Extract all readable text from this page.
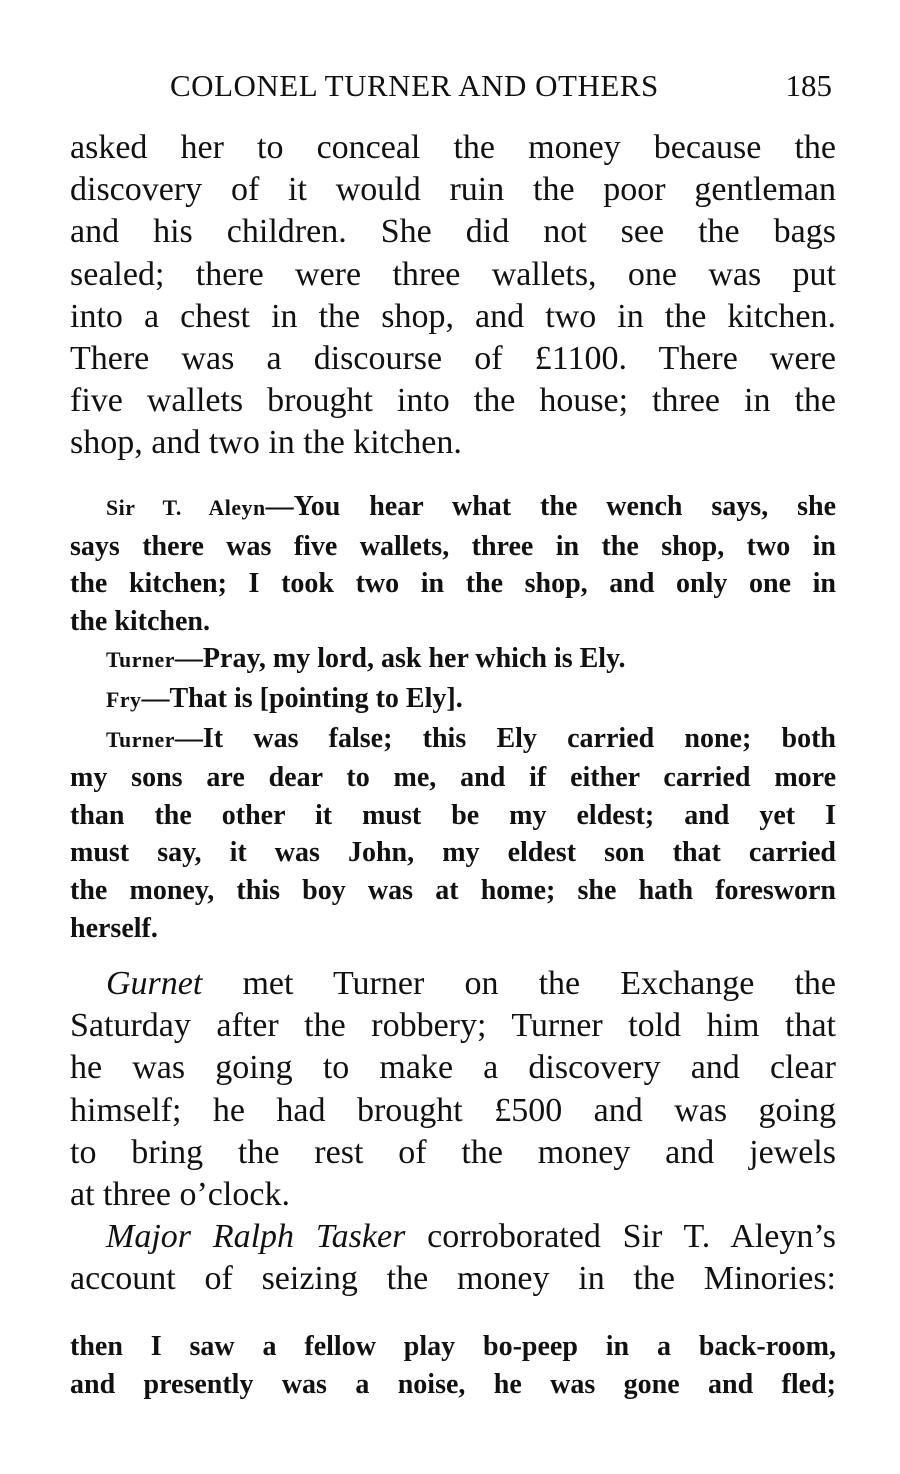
COLONEL TURNER AND OTHERS	185
asked her to conceal the money because the
discovery of it would ruin the poor gentleman
and his children. She did not see the bags
sealed; there were three wallets, one was put
into a chest in the shop, and two in the kitchen.
There was a discourse of £1100. There were
five wallets brought into the house; three in the
shop, and two in the kitchen.
Sir T. Aleyn—You hear what the wench says, she
says there was five wallets, three in the shop, two in
the kitchen; I took two in the shop, and only one in
the kitchen.
Turner—Pray, my lord, ask her which is Ely.
Fry—That is [pointing to Ely].
Turner—It was false; this Ely carried none; both
my sons are dear to me, and if either carried more
than the other it must be my eldest; and yet I
must say, it was John, my eldest son that carried
the money, this boy was at home; she hath foresworn
herself.
Gurnet met Turner on the Exchange the
Saturday after the robbery; Turner told him that
he was going to make a discovery and clear
himself; he had brought £500 and was going
to bring the rest of the money and jewels
at three o’clock.
Major Ralph Tasker corroborated Sir T. Aleyn’s
account of seizing the money in the Minories:
then I saw a fellow play bo-peep in a back-room,
and presently was a noise, he was gone and fled;
